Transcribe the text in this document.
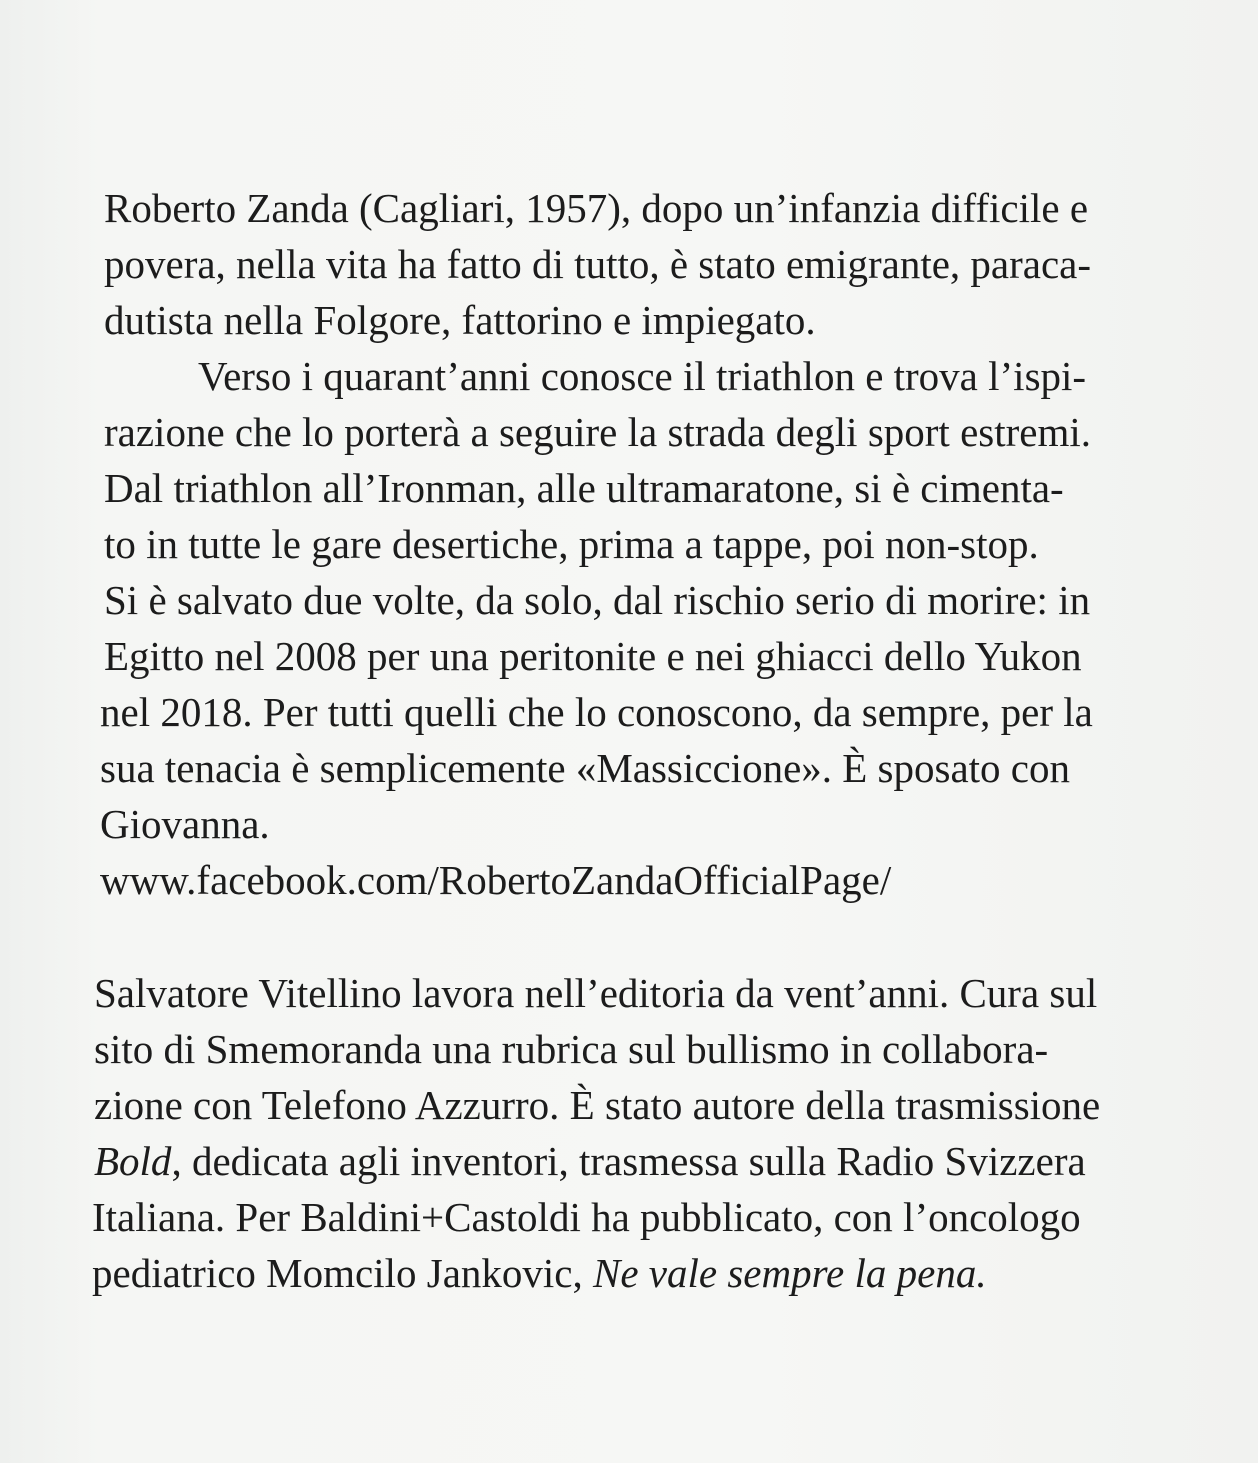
Roberto Zanda (Cagliari, 1957), dopo un’infanzia difficile e
povera, nella vita ha fatto di tutto, è stato emigrante, paraca-
dutista nella Folgore, fattorino e impiegato.
Verso i quarant’anni conosce il triathlon e trova l’ispi-
razione che lo porterà a seguire la strada degli sport estremi.
Dal triathlon all’Ironman, alle ultramaratone, si è cimenta-
to in tutte le gare desertiche, prima a tappe, poi non-stop.
Si è salvato due volte, da solo, dal rischio serio di morire: in
Egitto nel 2008 per una peritonite e nei ghiacci dello Yukon
nel 2018. Per tutti quelli che lo conoscono, da sempre, per la
sua tenacia è semplicemente «Massiccione». È sposato con
Giovanna.
www.facebook.com/RobertoZandaOfficialPage/
Salvatore Vitellino lavora nell’editoria da vent’anni. Cura sul
sito di Smemoranda una rubrica sul bullismo in collabora-
zione con Telefono Azzurro. È stato autore della trasmissione
Bold, dedicata agli inventori, trasmessa sulla Radio Svizzera
Italiana. Per Baldini+Castoldi ha pubblicato, con l’oncologo
pediatrico Momcilo Jankovic, Ne vale sempre la pena.
